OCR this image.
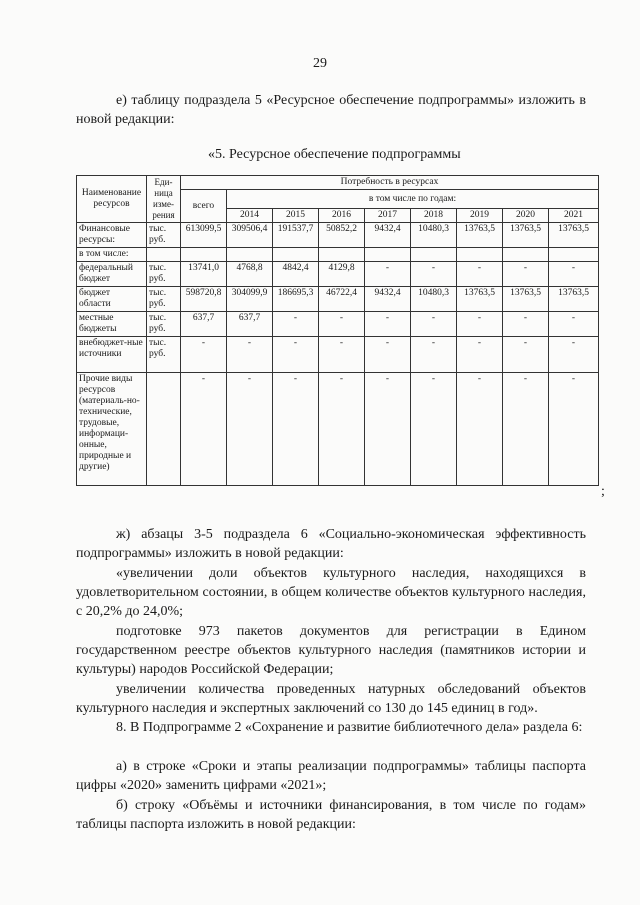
29
е) таблицу подраздела 5 «Ресурсное обеспечение подпрограммы» изложить в новой редакции:
«5. Ресурсное обеспечение подпрограммы
Наименование ресурсов	Еди-ница изме-рения	Потребность в ресурсах								
		всего	в том числе по годам:							
			2014	2015	2016	2017	2018	2019	2020	2021
Финансовые ресурсы:	тыс. руб.	613099,5	309506,4	191537,7	50852,2	9432,4	10480,3	13763,5	13763,5	13763,5
в том числе:										
федеральный бюджет	тыс. руб.	13741,0	4768,8	4842,4	4129,8	-	-	-	-	-
бюджет области	тыс. руб.	598720,8	304099,9	186695,3	46722,4	9432,4	10480,3	13763,5	13763,5	13763,5
местные бюджеты	тыс. руб.	637,7	637,7	-	-	-	-	-	-	-
внебюджет-ные источники	тыс. руб.	-	-	-	-	-	-	-	-	-
Прочие виды ресурсов (материаль-но-технические, трудовые, информаци-онные, природные и другие)		-	-	-	-	-	-	-	-	-
;
ж) абзацы 3-5 подраздела 6 «Социально-экономическая эффективность подпрограммы» изложить в новой редакции:
«увеличении доли объектов культурного наследия, находящихся в удовлетворительном состоянии, в общем количестве объектов культурного наследия, с 20,2% до 24,0%;
подготовке 973 пакетов документов для регистрации в Едином государственном реестре объектов культурного наследия (памятников истории и культуры) народов Российской Федерации;
увеличении количества проведенных натурных обследований объектов культурного наследия и экспертных заключений со 130 до 145 единиц в год».
8. В Подпрограмме 2 «Сохранение и развитие библиотечного дела» раздела 6:
а) в строке «Сроки и этапы реализации подпрограммы» таблицы паспорта цифры «2020» заменить цифрами «2021»;
б) строку «Объёмы и источники финансирования, в том числе по годам» таблицы паспорта изложить в новой редакции:
